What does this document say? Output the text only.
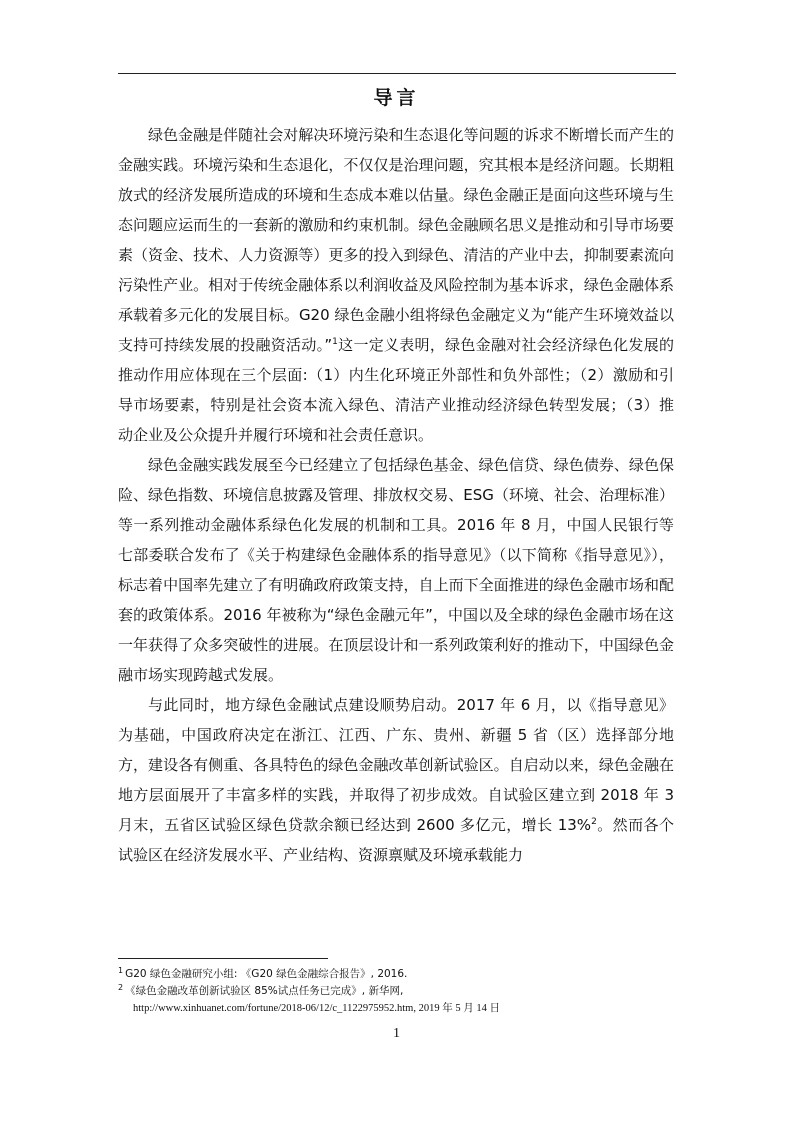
导言

绿色金融是伴随社会对解决环境污染和生态退化等问题的诉求不断增长而产生的金融实践。环境污染和生态退化，不仅仅是治理问题，究其根本是经济问题。长期粗放式的经济发展所造成的环境和生态成本难以估量。绿色金融正是面向这些环境与生态问题应运而生的一套新的激励和约束机制。绿色金融顾名思义是推动和引导市场要素（资金、技术、人力资源等）更多的投入到绿色、清洁的产业中去，抑制要素流向污染性产业。相对于传统金融体系以利润收益及风险控制为基本诉求，绿色金融体系承载着多元化的发展目标。G20 绿色金融小组将绿色金融定义为“能产生环境效益以支持可持续发展的投融资活动。”$^1$这一定义表明，绿色金融对社会经济绿色化发展的推动作用应体现在三个层面:（1）内生化环境正外部性和负外部性；（2）激励和引导市场要素，特别是社会资本流入绿色、清洁产业推动经济绿色转型发展；（3）推动企业及公众提升并履行环境和社会责任意识。

绿色金融实践发展至今已经建立了包括绿色基金、绿色信贷、绿色债券、绿色保险、绿色指数、环境信息披露及管理、排放权交易、ESG（环境、社会、治理标准）等一系列推动金融体系绿色化发展的机制和工具。2016 年 8 月，中国人民银行等七部委联合发布了《关于构建绿色金融体系的指导意见》（以下简称《指导意见》），标志着中国率先建立了有明确政府政策支持，自上而下全面推进的绿色金融市场和配套的政策体系。2016 年被称为“绿色金融元年”，中国以及全球的绿色金融市场在这一年获得了众多突破性的进展。在顶层设计和一系列政策利好的推动下，中国绿色金融市场实现跨越式发展。

与此同时，地方绿色金融试点建设顺势启动。2017 年 6 月，以《指导意见》为基础，中国政府决定在浙江、江西、广东、贵州、新疆 5 省（区）选择部分地方，建设各有侧重、各具特色的绿色金融改革创新试验区。自启动以来，绿色金融在地方层面展开了丰富多样的实践，并取得了初步成效。自试验区建立到 2018 年 3 月末，五省区试验区绿色贷款余额已经达到 2600 多亿元，增长 13%$^2$。然而各个试验区在经济发展水平、产业结构、资源禀赋及环境承载能力

$^1$ G20 绿色金融研究小组: 《G20 绿色金融综合报告》, 2016.

$^2$ 《绿色金融改革创新试验区 85%试点任务已完成》, 新华网,

http://www.xinhuanet.com/fortune/2018-06/12/c_1122975952.htm, 2019 年 5 月 14 日

1
